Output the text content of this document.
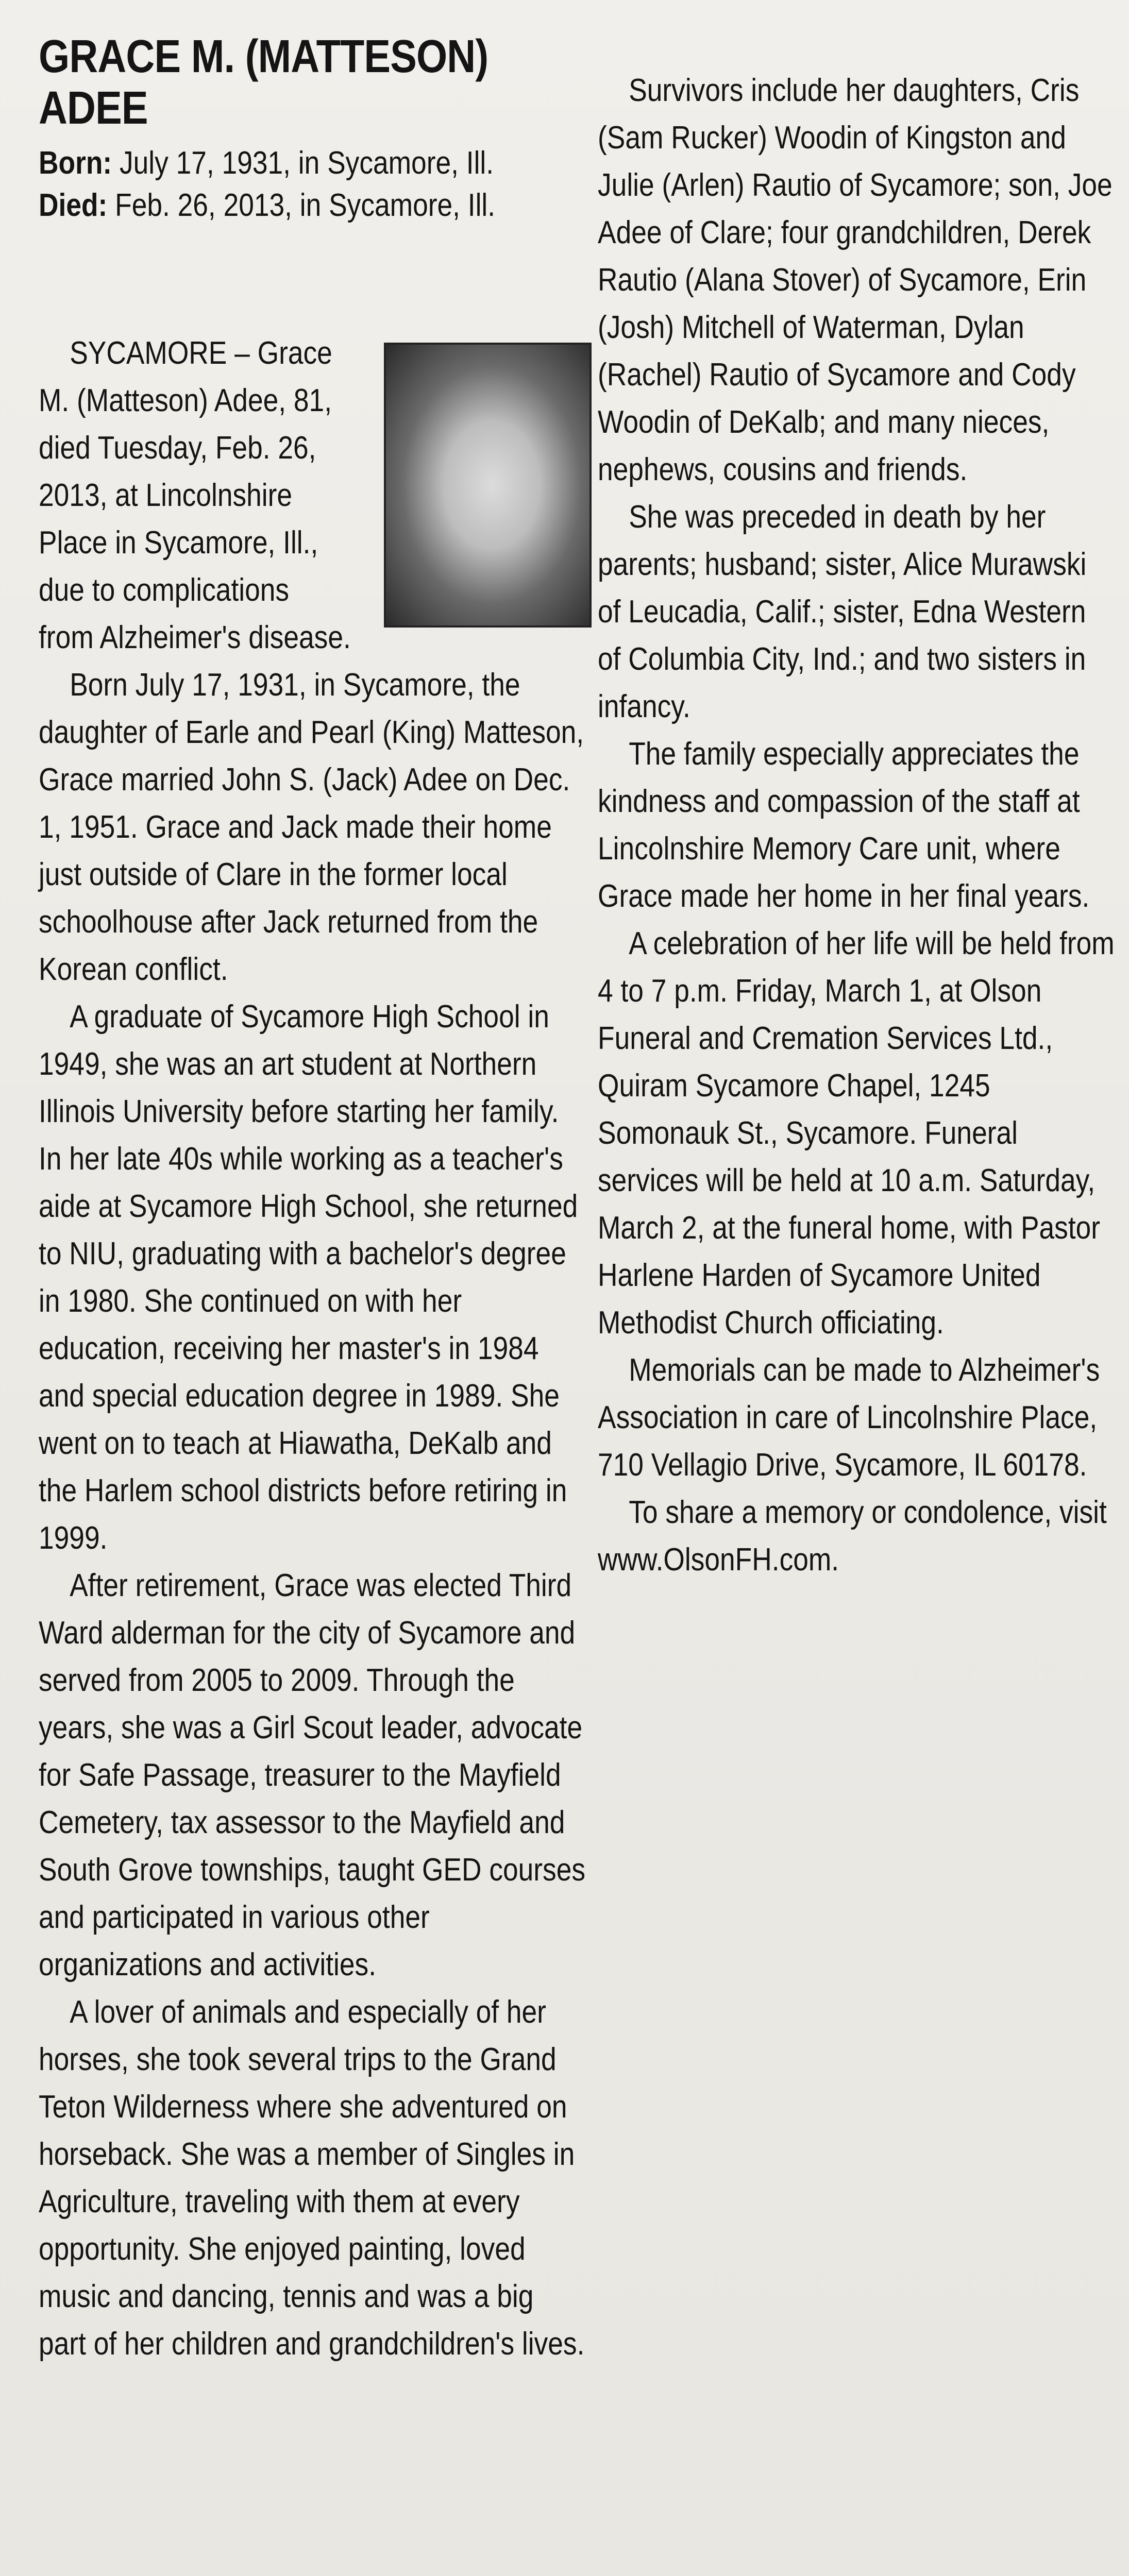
GRACE M. (MATTESON)
ADEE
Born: July 17, 1931, in Sycamore, Ill.
Died: Feb. 26, 2013, in Sycamore, Ill.

SYCAMORE – Grace M. (Matteson) Adee, 81, died Tuesday, Feb. 26, 2013, at Lincolnshire Place in Sycamore, Ill., due to complications from Alzheimer's disease.

Born July 17, 1931, in Sycamore, the daughter of Earle and Pearl (King) Matteson, Grace married John S. (Jack) Adee on Dec. 1, 1951. Grace and Jack made their home just outside of Clare in the former local schoolhouse after Jack returned from the Korean conflict.

A graduate of Sycamore High School in 1949, she was an art student at Northern Illinois University before starting her family. In her late 40s while working as a teacher's aide at Sycamore High School, she returned to NIU, graduating with a bachelor's degree in 1980. She continued on with her education, receiving her master's in 1984 and special education degree in 1989. She went on to teach at Hiawatha, DeKalb and the Harlem school districts before retiring in 1999.

After retirement, Grace was elected Third Ward alderman for the city of Sycamore and served from 2005 to 2009. Through the years, she was a Girl Scout leader, advocate for Safe Passage, treasurer to the Mayfield Cemetery, tax assessor to the Mayfield and South Grove townships, taught GED courses and participated in various other organizations and activities.

A lover of animals and especially of her horses, she took several trips to the Grand Teton Wilderness where she adventured on horseback. She was a member of Singles in Agriculture, traveling with them at every opportunity. She enjoyed painting, loved music and dancing, tennis and was a big part of her children and grandchildren's lives.

Survivors include her daughters, Cris (Sam Rucker) Woodin of Kingston and Julie (Arlen) Rautio of Sycamore; son, Joe Adee of Clare; four grandchildren, Derek Rautio (Alana Stover) of Sycamore, Erin (Josh) Mitchell of Waterman, Dylan (Rachel) Rautio of Sycamore and Cody Woodin of DeKalb; and many nieces, nephews, cousins and friends.

She was preceded in death by her parents; husband; sister, Alice Murawski of Leucadia, Calif.; sister, Edna Western of Columbia City, Ind.; and two sisters in infancy.

The family especially appreciates the kindness and compassion of the staff at Lincolnshire Memory Care unit, where Grace made her home in her final years.

A celebration of her life will be held from 4 to 7 p.m. Friday, March 1, at Olson Funeral and Cremation Services Ltd., Quiram Sycamore Chapel, 1245 Somonauk St., Sycamore. Funeral services will be held at 10 a.m. Saturday, March 2, at the funeral home, with Pastor Harlene Harden of Sycamore United Methodist Church officiating.

Memorials can be made to Alzheimer's Association in care of Lincolnshire Place, 710 Vellagio Drive, Sycamore, IL 60178.

To share a memory or condolence, visit www.OlsonFH.com.
